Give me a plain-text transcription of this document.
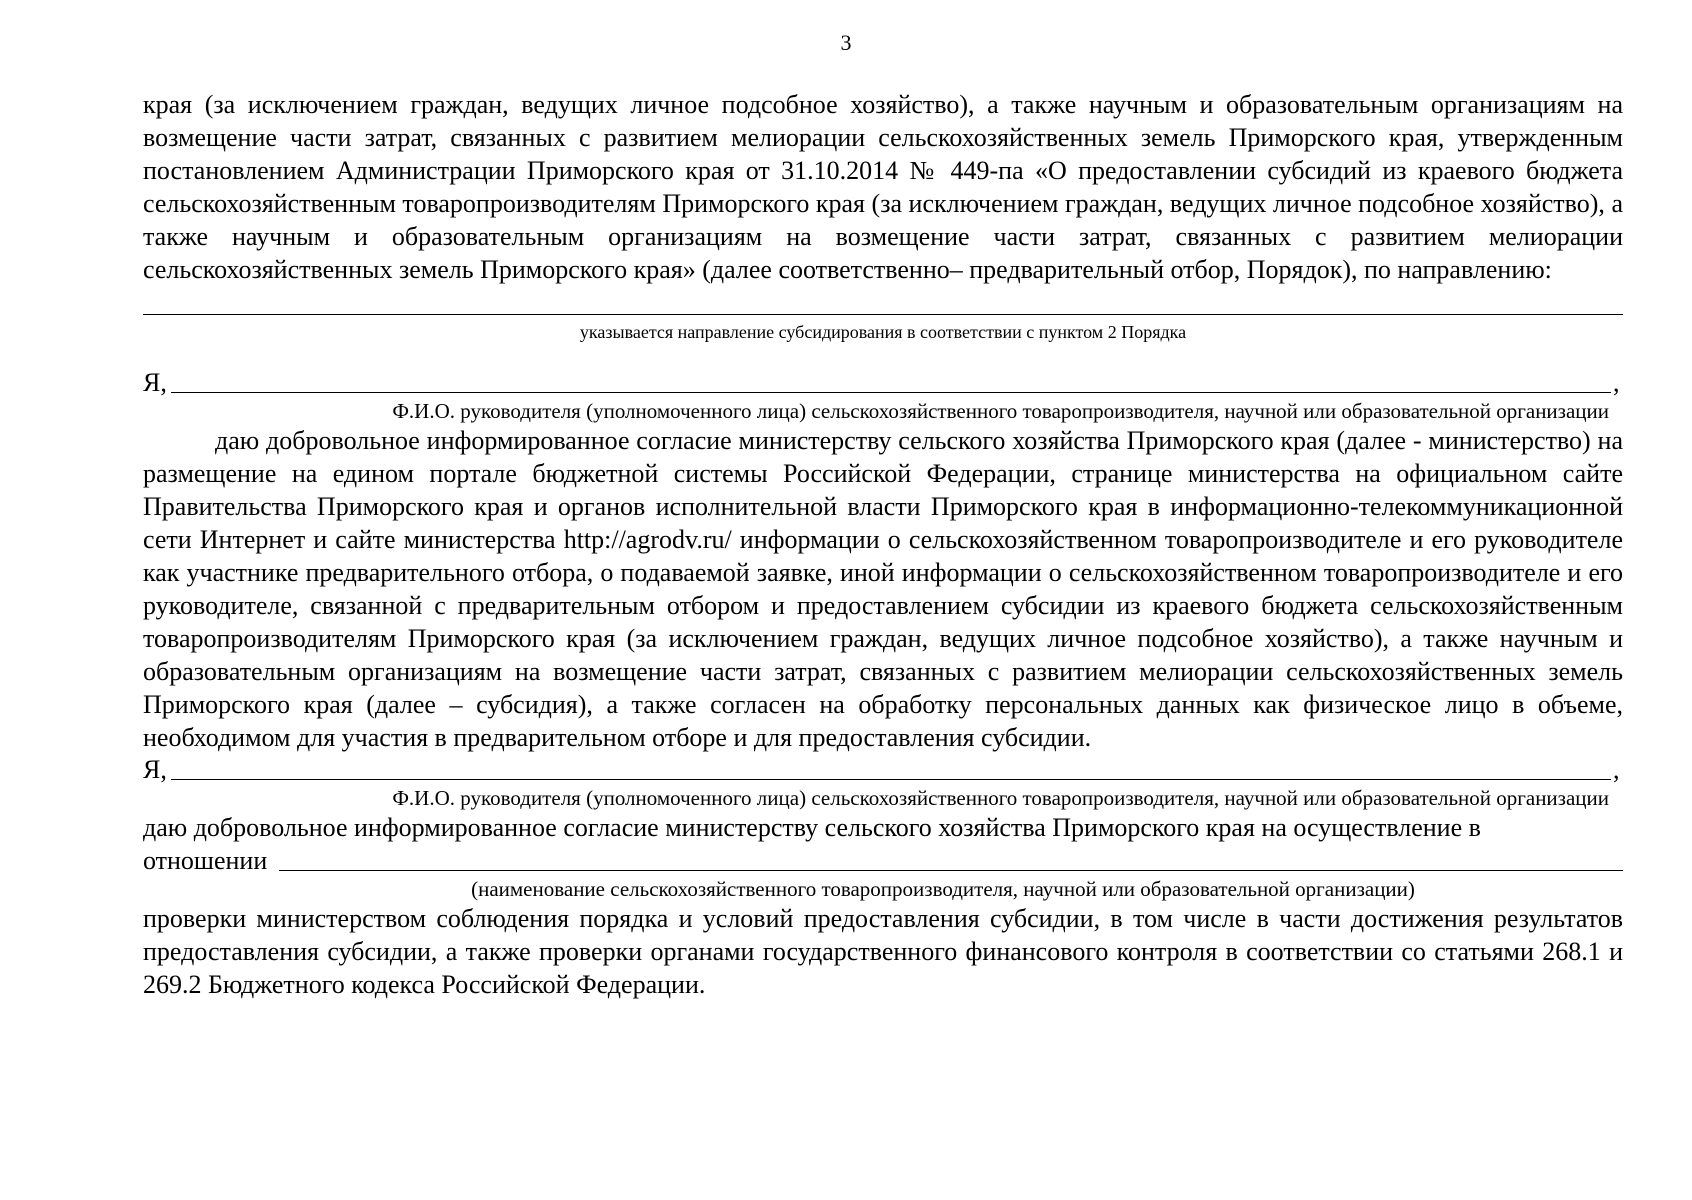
3

края (за исключением граждан, ведущих личное подсобное хозяйство), а также научным и образовательным организациям на возмещение части затрат, связанных с развитием мелиорации сельскохозяйственных земель Приморского края, утвержденным постановлением Администрации Приморского края от 31.10.2014 № 449-па «О предоставлении субсидий из краевого бюджета сельскохозяйственным товаропроизводителям Приморского края (за исключением граждан, ведущих личное подсобное хозяйство), а также научным и образовательным организациям на возмещение части затрат, связанных с развитием мелиорации сельскохозяйственных земель Приморского края» (далее соответственно– предварительный отбор, Порядок), по направлению:

указывается направление субсидирования в соответствии с пунктом 2 Порядка
Я,	,
Ф.И.О. руководителя (уполномоченного лица) сельскохозяйственного товаропроизводителя, научной или образовательной организации

даю добровольное информированное согласие министерству сельского хозяйства Приморского края (далее - министерство) на размещение на едином портале бюджетной системы Российской Федерации, странице министерства на официальном сайте Правительства Приморского края и органов исполнительной власти Приморского края в информационно-телекоммуникационной сети Интернет и сайте министерства http://agrodv.ru/ информации о сельскохозяйственном товаропроизводителе и его руководителе как участнике предварительного отбора, о подаваемой заявке, иной информации о сельскохозяйственном товаропроизводителе и его руководителе, связанной с предварительным отбором и предоставлением субсидии из краевого бюджета сельскохозяйственным товаропроизводителям Приморского края (за исключением граждан, ведущих личное подсобное хозяйство), а также научным и образовательным организациям на возмещение части затрат, связанных с развитием мелиорации сельскохозяйственных земель Приморского края (далее – субсидия), а также согласен на обработку персональных данных как физическое лицо в объеме, необходимом для участия в предварительном отборе и для предоставления субсидии.

Я,	,
Ф.И.О. руководителя (уполномоченного лица) сельскохозяйственного товаропроизводителя, научной или образовательной организации

даю добровольное информированное согласие министерству сельского хозяйства Приморского края на осуществление в

отношении
(наименование сельскохозяйственного товаропроизводителя, научной или образовательной организации)

проверки министерством соблюдения порядка и условий предоставления субсидии, в том числе в части достижения результатов предоставления субсидии, а также проверки органами государственного финансового контроля в соответствии со статьями 268.1 и 269.2 Бюджетного кодекса Российской Федерации.
